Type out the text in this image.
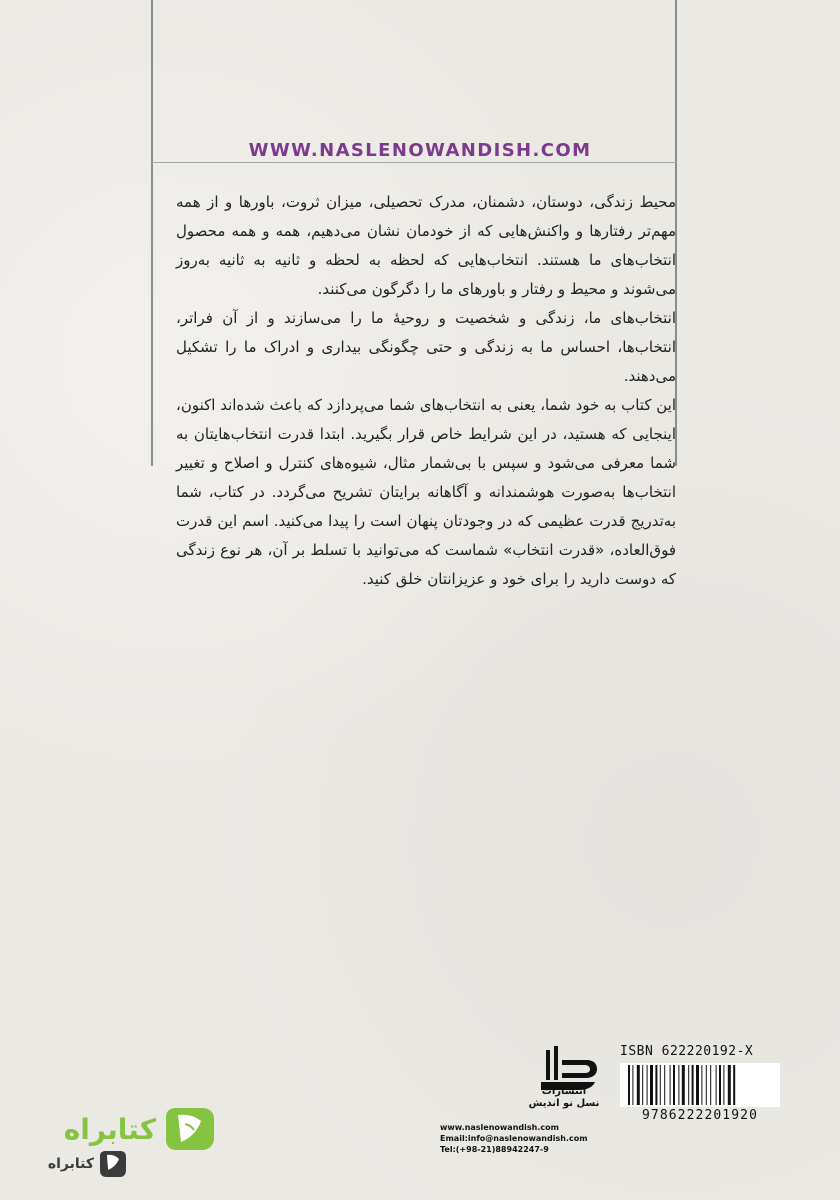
WWW.NASLENOWANDISH.COM

محیط زندگی، دوستان، دشمنان، مدرک تحصیلی، میزان ثروت، باورها و از همه مهم‌تر رفتارها و واکنش‌هایی که از خودمان نشان می‌دهیم، همه و همه محصول انتخاب‌های ما هستند. انتخاب‌هایی که لحظه به لحظه و ثانیه به ثانیه به‌روز می‌شوند و محیط و رفتار و باورهای ما را دگرگون می‌کنند.

انتخاب‌های ما، زندگی و شخصیت و روحیهٔ ما را می‌سازند و از آن فراتر، انتخاب‌ها، احساس ما به زندگی و حتی چگونگی بیداری و ادراک ما را تشکیل می‌دهند.

این کتاب به خود شما، یعنی به انتخاب‌های شما می‌پردازد که باعث شده‌اند اکنون، اینجایی که هستید، در این شرایط خاص قرار بگیرید. ابتدا قدرت انتخاب‌هایتان به شما معرفی می‌شود و سپس با بی‌شمار مثال، شیوه‌های کنترل و اصلاح و تغییر انتخاب‌ها به‌صورت هوشمندانه و آگاهانه برایتان تشریح می‌گردد. در کتاب، شما به‌تدریج قدرت عظیمی که در وجودتان پنهان است را پیدا می‌کنید. اسم این قدرت فوق‌العاده، «قدرت انتخاب» شماست که می‌توانید با تسلط بر آن، هر نوع زندگی که دوست دارید را برای خود و عزیزانتان خلق کنید.

انتشارات
نسل نو اندیش
www.naslenowandish.com
Email:info@naslenowandish.com
Tel:(+98-21)88942247-9
ISBN 622220192-X
9786222201920
کتابراه
کتابراه
